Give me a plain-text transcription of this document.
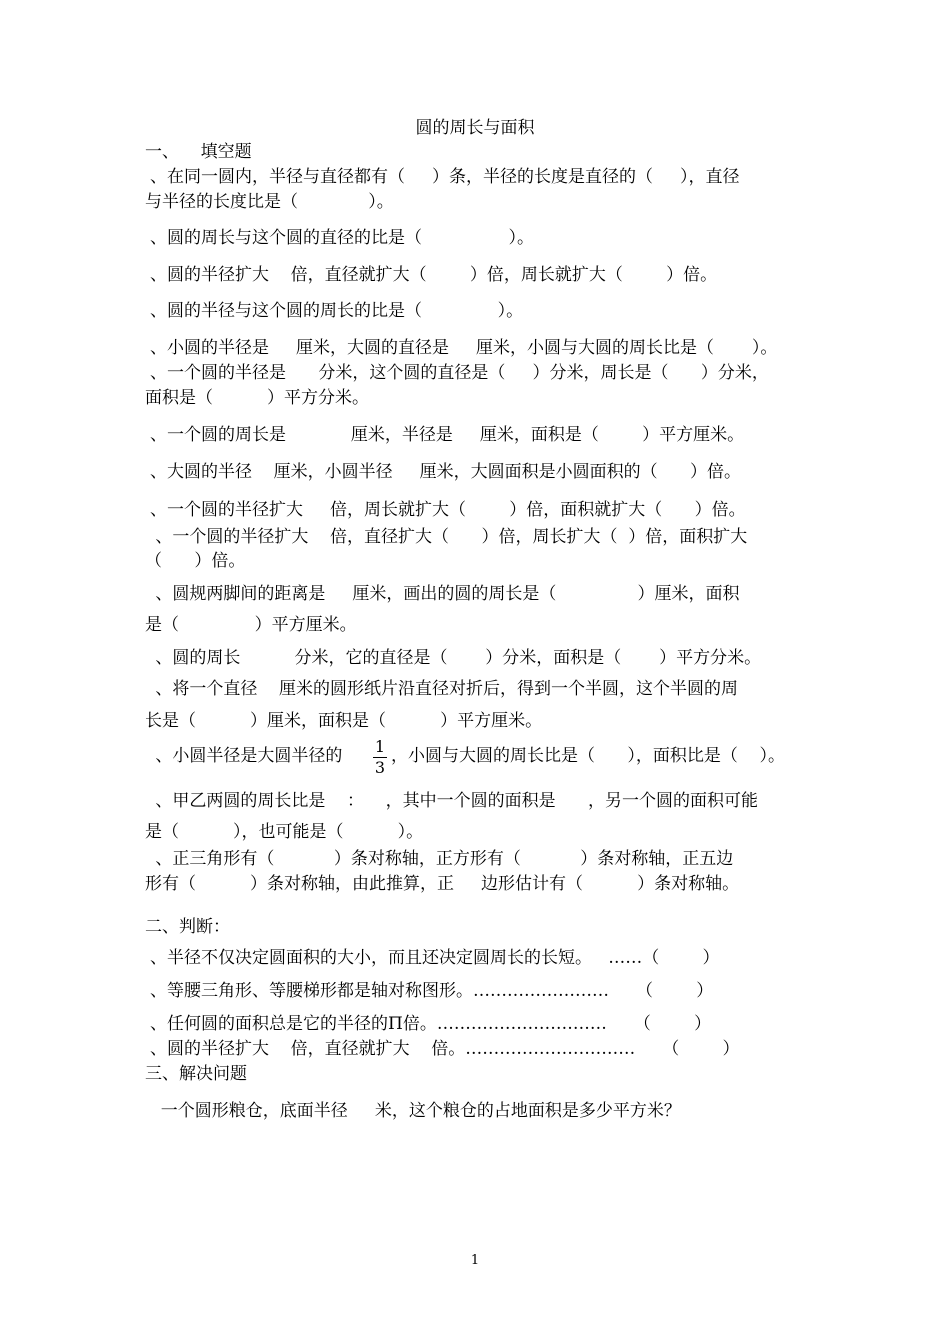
圆的周长与面积

一、    填空题

、在同一圆内，半径与直径都有（     ）条，半径的长度是直径的（     ），直径

与半径的长度比是（             ）。

、圆的周长与这个圆的直径的比是（                ）。

、圆的半径扩大    倍，直径就扩大（        ）倍，周长就扩大（        ）倍。

、圆的半径与这个圆的周长的比是（              ）。

、小圆的半径是     厘米，大圆的直径是     厘米，小圆与大圆的周长比是（       ）。

、一个圆的半径是      分米，这个圆的直径是（     ）分米，周长是（      ）分米，

面积是（          ）平方分米。

、一个圆的周长是            厘米，半径是     厘米，面积是（        ）平方厘米。

、大圆的半径    厘米，小圆半径     厘米，大圆面积是小圆面积的（      ）倍。

、一个圆的半径扩大     倍，周长就扩大（        ）倍，面积就扩大（      ）倍。

、一个圆的半径扩大    倍，直径扩大（      ）倍，周长扩大（  ）倍，面积扩大

（      ）倍。

、圆规两脚间的距离是     厘米，画出的圆的周长是（               ）厘米，面积

是（              ）平方厘米。

、圆的周长          分米，它的直径是（       ）分米，面积是（       ）平方分米。

、将一个直径    厘米的圆形纸片沿直径对折后，得到一个半圆，这个半圆的周

长是（          ）厘米，面积是（          ）平方厘米。

、小圆半径是大圆半径的 1
3

，小圆与大圆的周长比是（      ），面积比是（    ）。

、甲乙两圆的周长比是    ：    ，其中一个圆的面积是      ，另一个圆的面积可能

是（          ），也可能是（          ）。

、正三角形有（           ）条对称轴，正方形有（           ）条对称轴，正五边

形有（          ）条对称轴，由此推算，正     边形估计有（          ）条对称轴。

二、判断：

、半径不仅决定圆面积的大小，而且还决定圆周长的长短。   ……（        ）

、等腰三角形、等腰梯形都是轴对称图形。……………………     （        ）

、任何圆的面积总是它的半径的Π倍。…………………………     （        ）

、圆的半径扩大    倍，直径就扩大    倍。…………………………     （        ）

三、解决问题

一个圆形粮仓，底面半径     米，这个粮仓的占地面积是多少平方米？

1
